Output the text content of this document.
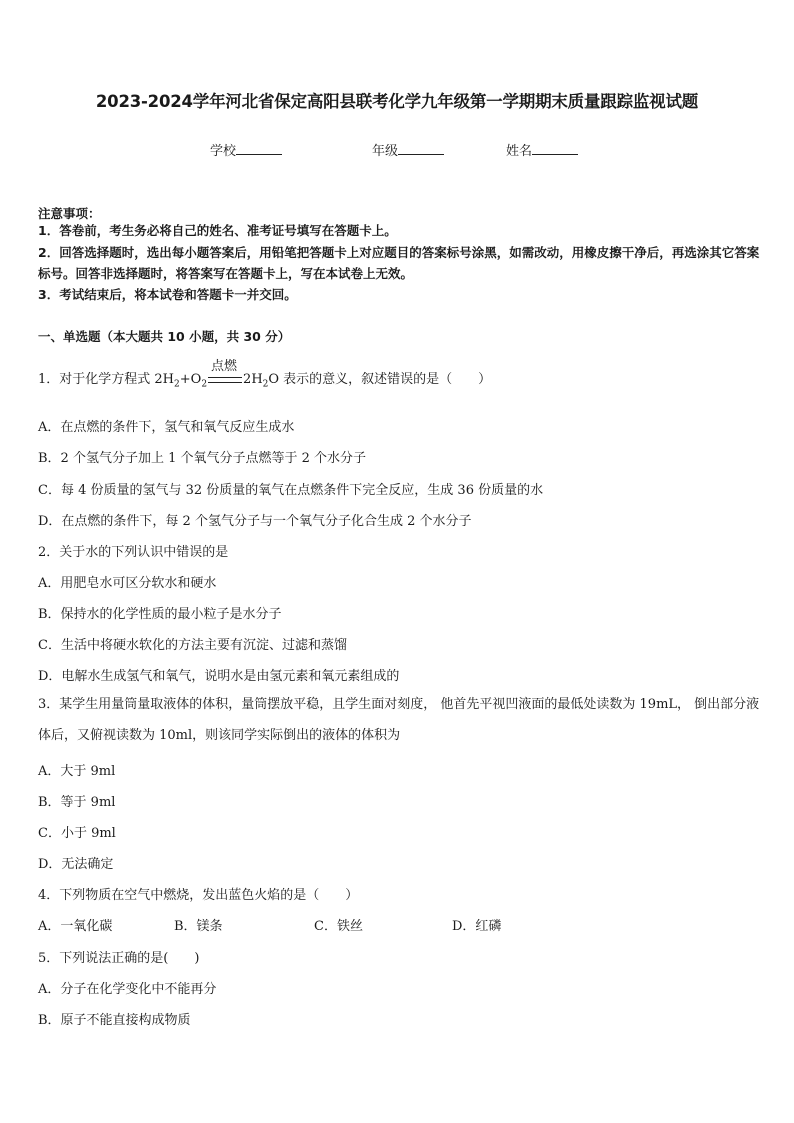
2023-2024学年河北省保定高阳县联考化学九年级第一学期期末质量跟踪监视试题
学校	年级	姓名
注意事项：
1．答卷前，考生务必将自己的姓名、准考证号填写在答题卡上。
2．回答选择题时，选出每小题答案后，用铅笔把答题卡上对应题目的答案标号涂黑，如需改动，用橡皮擦干净后，再选涂其它答案标号。回答非选择题时，将答案写在答题卡上，写在本试卷上无效。
3．考试结束后，将本试卷和答题卡一并交回。
一、单选题（本大题共 10 小题，共 30 分）
1．对于化学方程式 $2H_2+O_2$
点燃
$2H_2O$ 表示的意义，叙述错误的是（　　）
A．在点燃的条件下，氢气和氧气反应生成水
B．2 个氢气分子加上 1 个氧气分子点燃等于 2 个水分子
C．每 4 份质量的氢气与 32 份质量的氧气在点燃条件下完全反应，生成 36 份质量的水
D．在点燃的条件下，每 2 个氢气分子与一个氧气分子化合生成 2 个水分子
2．关于水的下列认识中错误的是
A．用肥皂水可区分软水和硬水
B．保持水的化学性质的最小粒子是水分子
C．生活中将硬水软化的方法主要有沉淀、过滤和蒸馏
D．电解水生成氢气和氧气，说明水是由氢元素和氧元素组成的
3．某学生用量筒量取液体的体积，量筒摆放平稳，且学生面对刻度， 他首先平视凹液面的最低处读数为 19mL， 倒出部分液体后，又俯视读数为 10ml，则该同学实际倒出的液体的体积为
A．大于 9ml
B．等于 9ml
C．小于 9ml
D．无法确定
4．下列物质在空气中燃烧，发出蓝色火焰的是（　　）
A．一氧化碳	B．镁条	C．铁丝	D．红磷
5．下列说法正确的是(　　)
A．分子在化学变化中不能再分
B．原子不能直接构成物质
